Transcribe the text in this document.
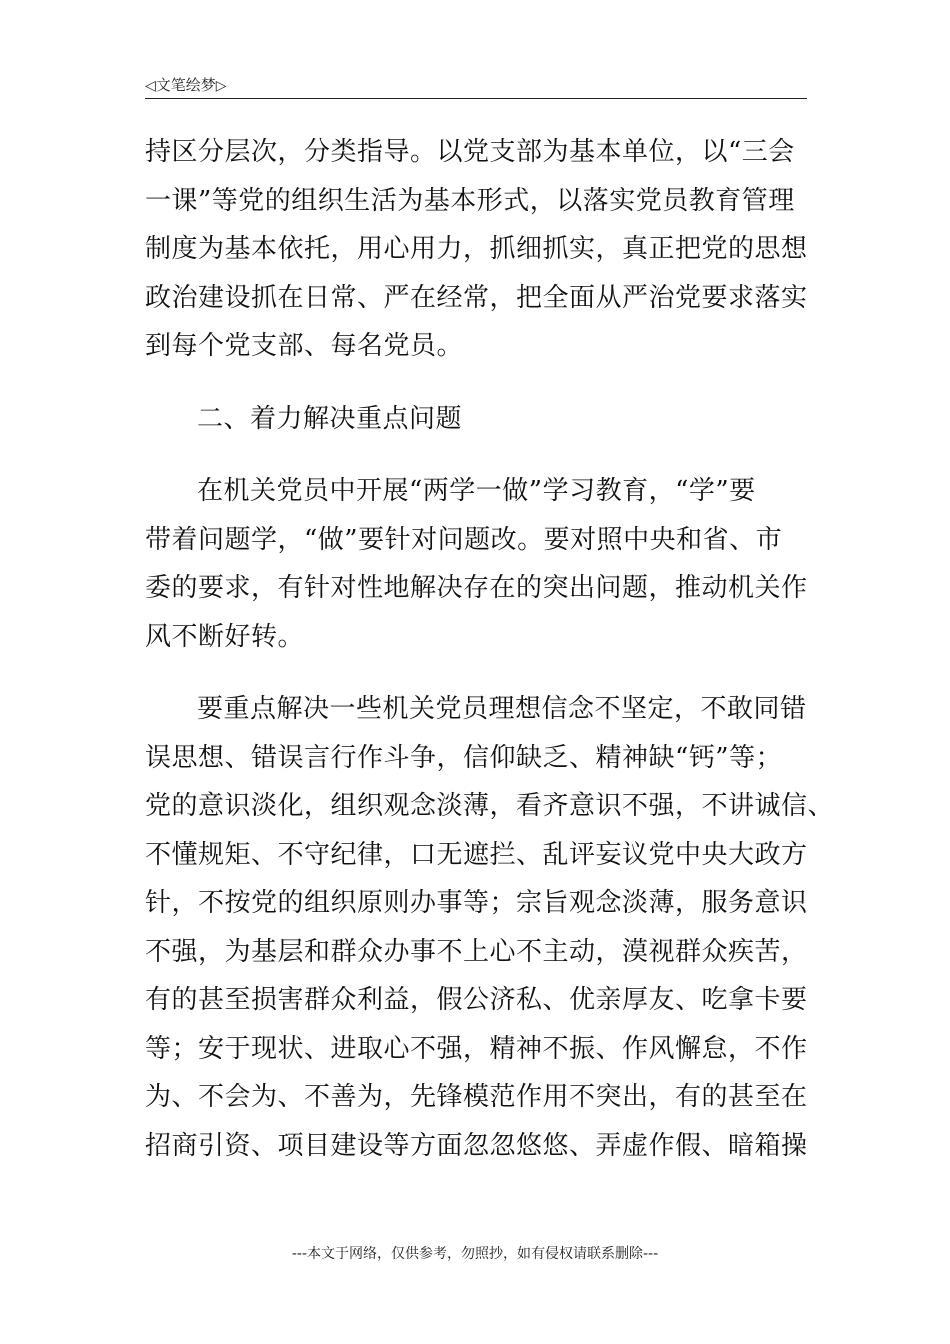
◁文笔绘梦▷
持区分层次，分类指导。以党支部为基本单位，以“三会
一课”等党的组织生活为基本形式，以落实党员教育管理
制度为基本依托，用心用力，抓细抓实，真正把党的思想
政治建设抓在日常、严在经常，把全面从严治党要求落实
到每个党支部、每名党员。
二、着力解决重点问题
在机关党员中开展“两学一做”学习教育，“学”要
带着问题学，“做”要针对问题改。要对照中央和省、市
委的要求，有针对性地解决存在的突出问题，推动机关作
风不断好转。
要重点解决一些机关党员理想信念不坚定，不敢同错
误思想、错误言行作斗争，信仰缺乏、精神缺“钙”等；
党的意识淡化，组织观念淡薄，看齐意识不强，不讲诚信、
不懂规矩、不守纪律，口无遮拦、乱评妄议党中央大政方
针，不按党的组织原则办事等；宗旨观念淡薄，服务意识
不强，为基层和群众办事不上心不主动，漠视群众疾苦，
有的甚至损害群众利益，假公济私、优亲厚友、吃拿卡要
等；安于现状、进取心不强，精神不振、作风懈怠，不作
为、不会为、不善为，先锋模范作用不突出，有的甚至在
招商引资、项目建设等方面忽忽悠悠、弄虚作假、暗箱操
---本文于网络，仅供参考，勿照抄，如有侵权请联系删除---
